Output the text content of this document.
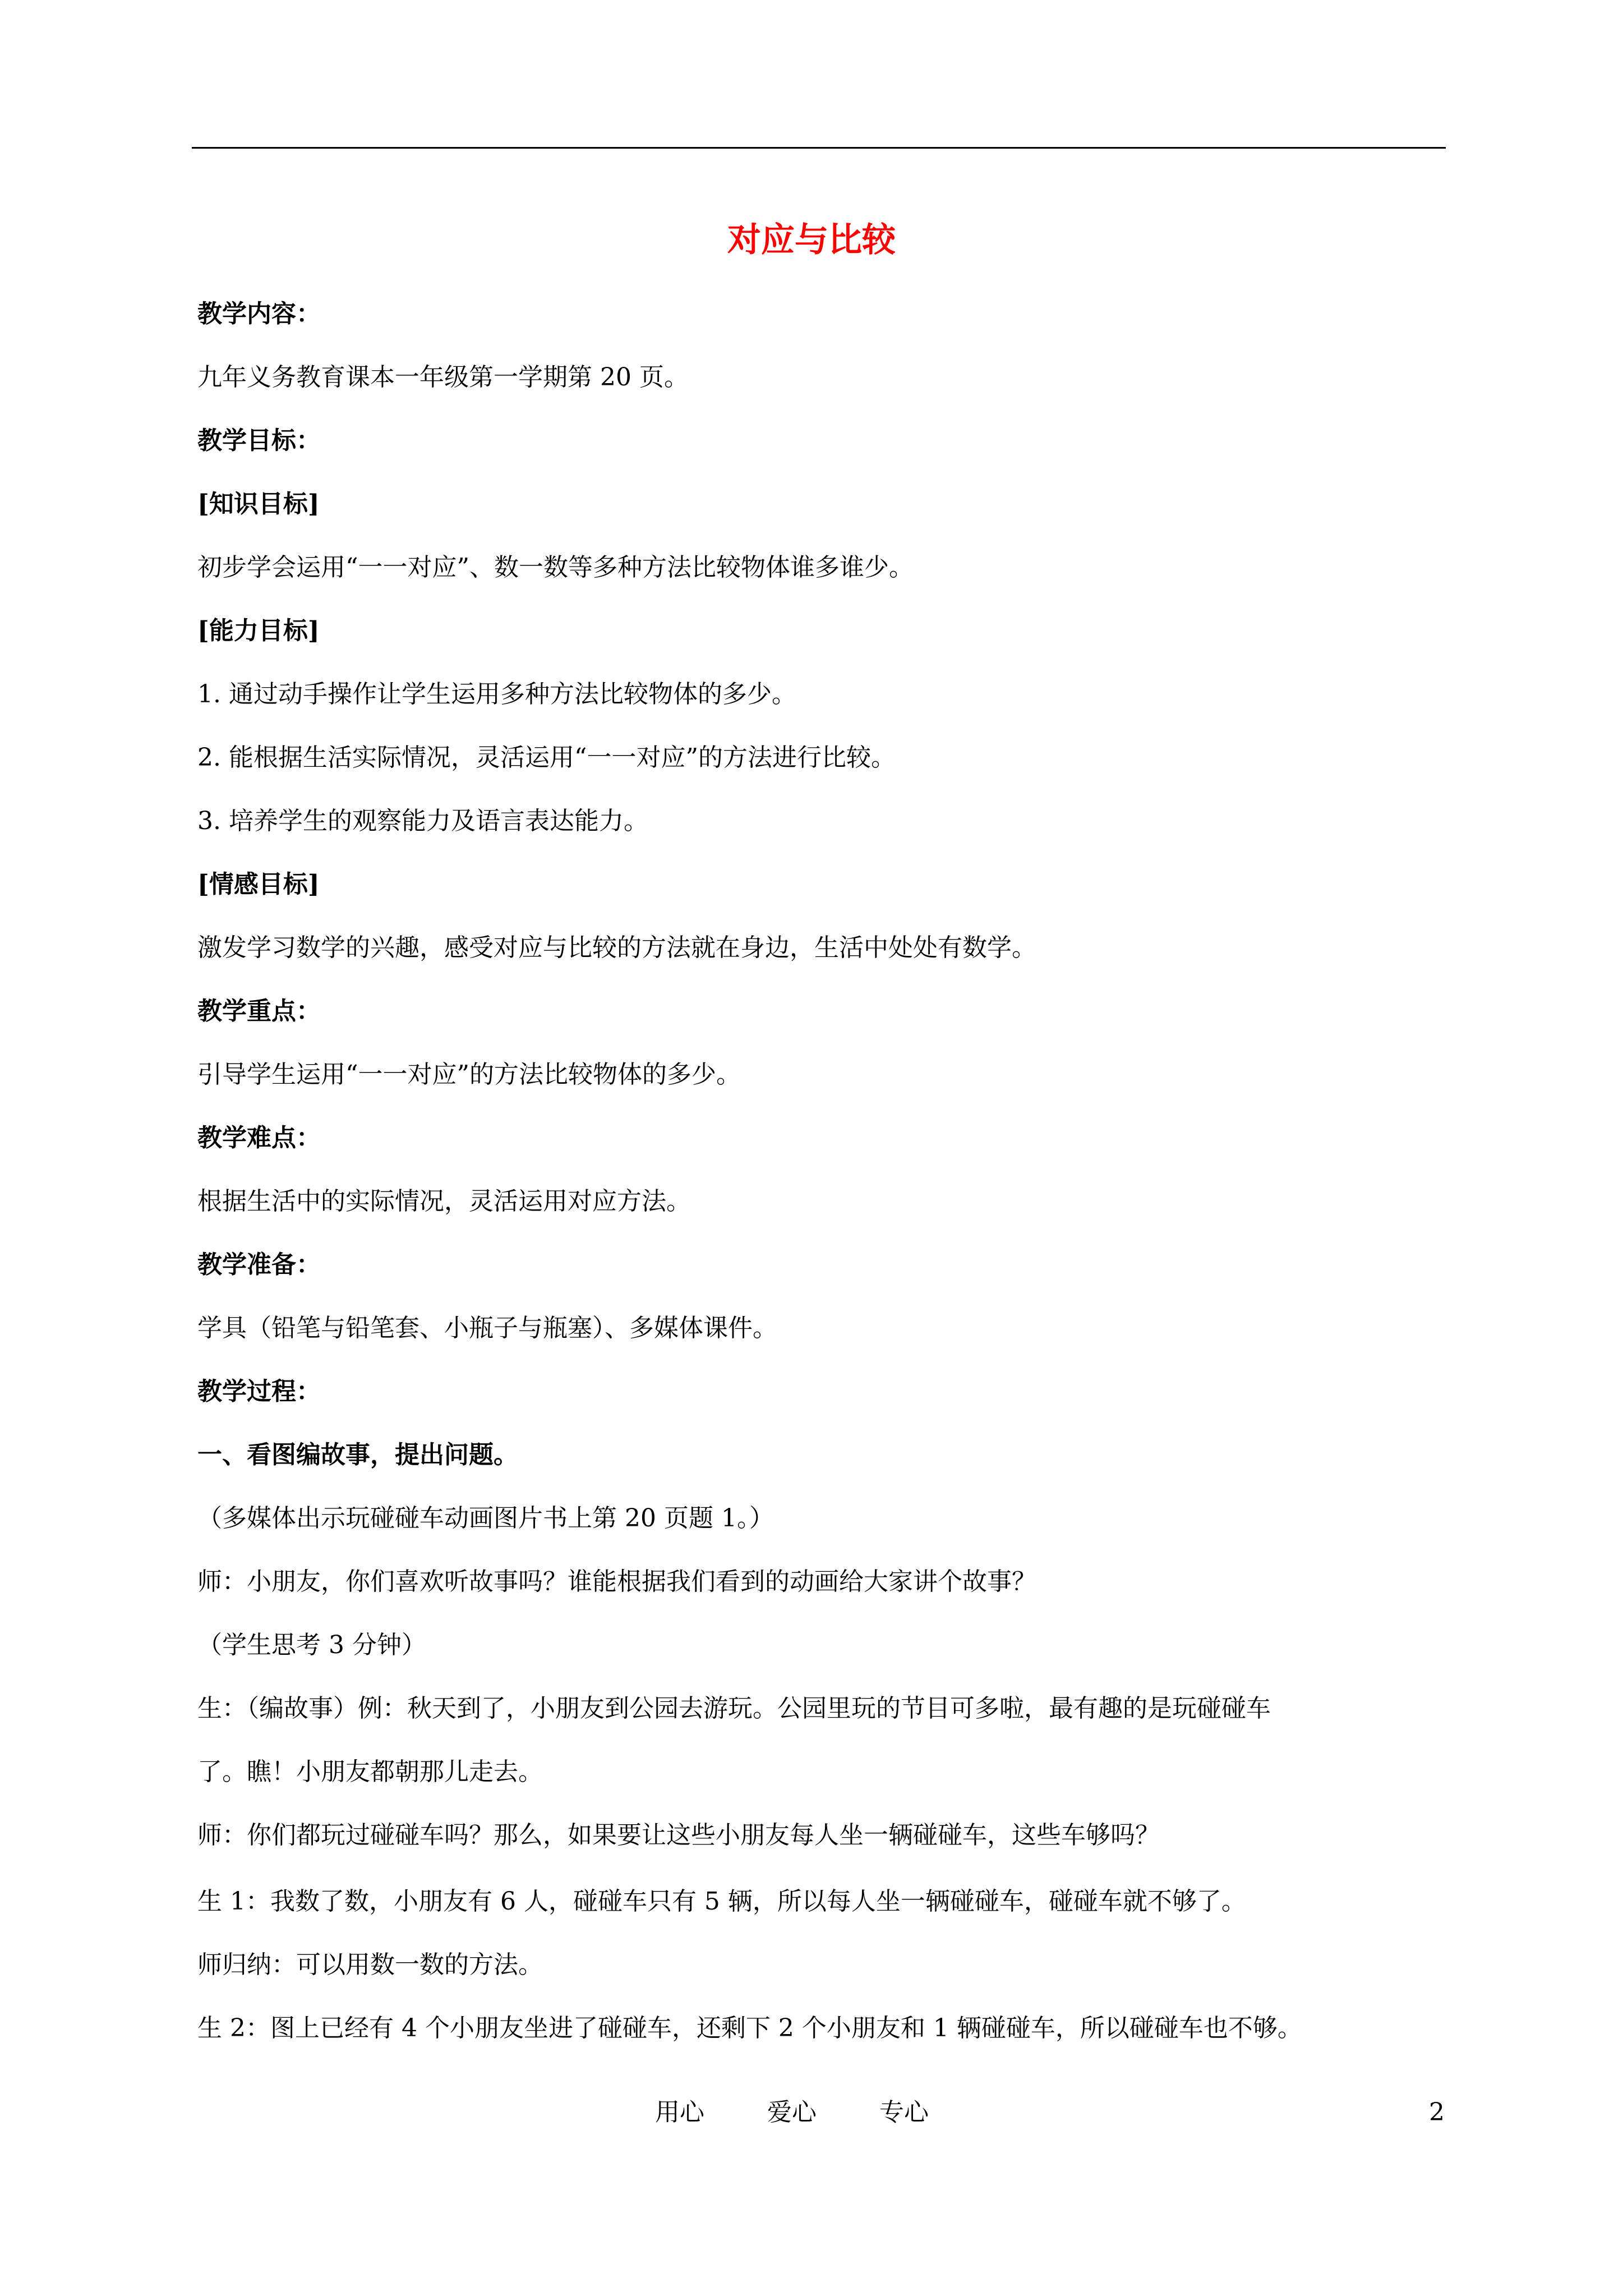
对应与比较
教学内容：
九年义务教育课本一年级第一学期第 20 页。
教学目标：
[知识目标]
初步学会运用“一一对应”、数一数等多种方法比较物体谁多谁少。
[能力目标]
1. 通过动手操作让学生运用多种方法比较物体的多少。
2. 能根据生活实际情况，灵活运用“一一对应”的方法进行比较。
3. 培养学生的观察能力及语言表达能力。
[情感目标]
激发学习数学的兴趣，感受对应与比较的方法就在身边，生活中处处有数学。
教学重点：
引导学生运用“一一对应”的方法比较物体的多少。
教学难点：
根据生活中的实际情况，灵活运用对应方法。
教学准备：
学具（铅笔与铅笔套、小瓶子与瓶塞）、多媒体课件。
教学过程：
一、看图编故事，提出问题。
（多媒体出示玩碰碰车动画图片书上第 20 页题 1。）
师：小朋友，你们喜欢听故事吗？谁能根据我们看到的动画给大家讲个故事？
（学生思考 3 分钟）
生：（编故事）例：秋天到了，小朋友到公园去游玩。公园里玩的节目可多啦，最有趣的是玩碰碰车
了。瞧！小朋友都朝那儿走去。
师：你们都玩过碰碰车吗？那么，如果要让这些小朋友每人坐一辆碰碰车，这些车够吗？
生 1：我数了数，小朋友有 6 人，碰碰车只有 5 辆，所以每人坐一辆碰碰车，碰碰车就不够了。
师归纳：可以用数一数的方法。
生 2：图上已经有 4 个小朋友坐进了碰碰车，还剩下 2 个小朋友和 1 辆碰碰车，所以碰碰车也不够。
用心	爱心	专心	2
